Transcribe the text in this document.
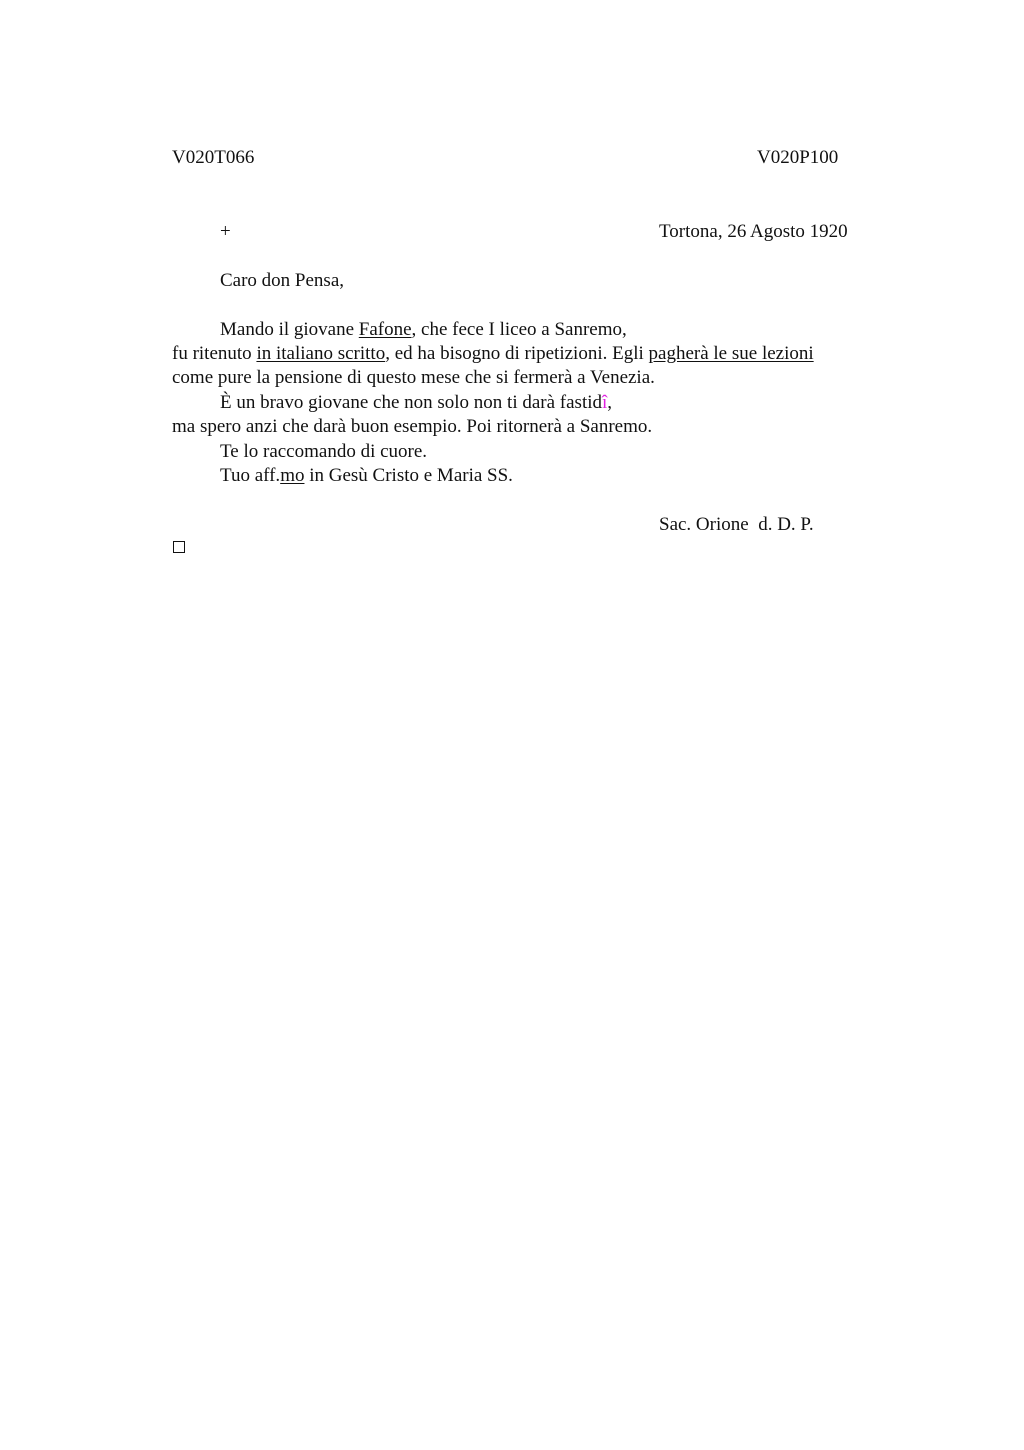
V020T066	V020P100
+	Tortona, 26 Agosto 1920
Caro don Pensa,
Mando il giovane Fafone, che fece I liceo a Sanremo,
fu ritenuto in italiano scritto, ed ha bisogno di ripetizioni. Egli pagherà le sue lezioni
come pure la pensione di questo mese che si fermerà a Venezia.
È un bravo giovane che non solo non ti darà fastidî,
ma spero anzi che darà buon esempio. Poi ritornerà a Sanremo.
Te lo raccomando di cuore.
Tuo aff.mo in Gesù Cristo e Maria SS.
Sac. Orione  d. D. P.
